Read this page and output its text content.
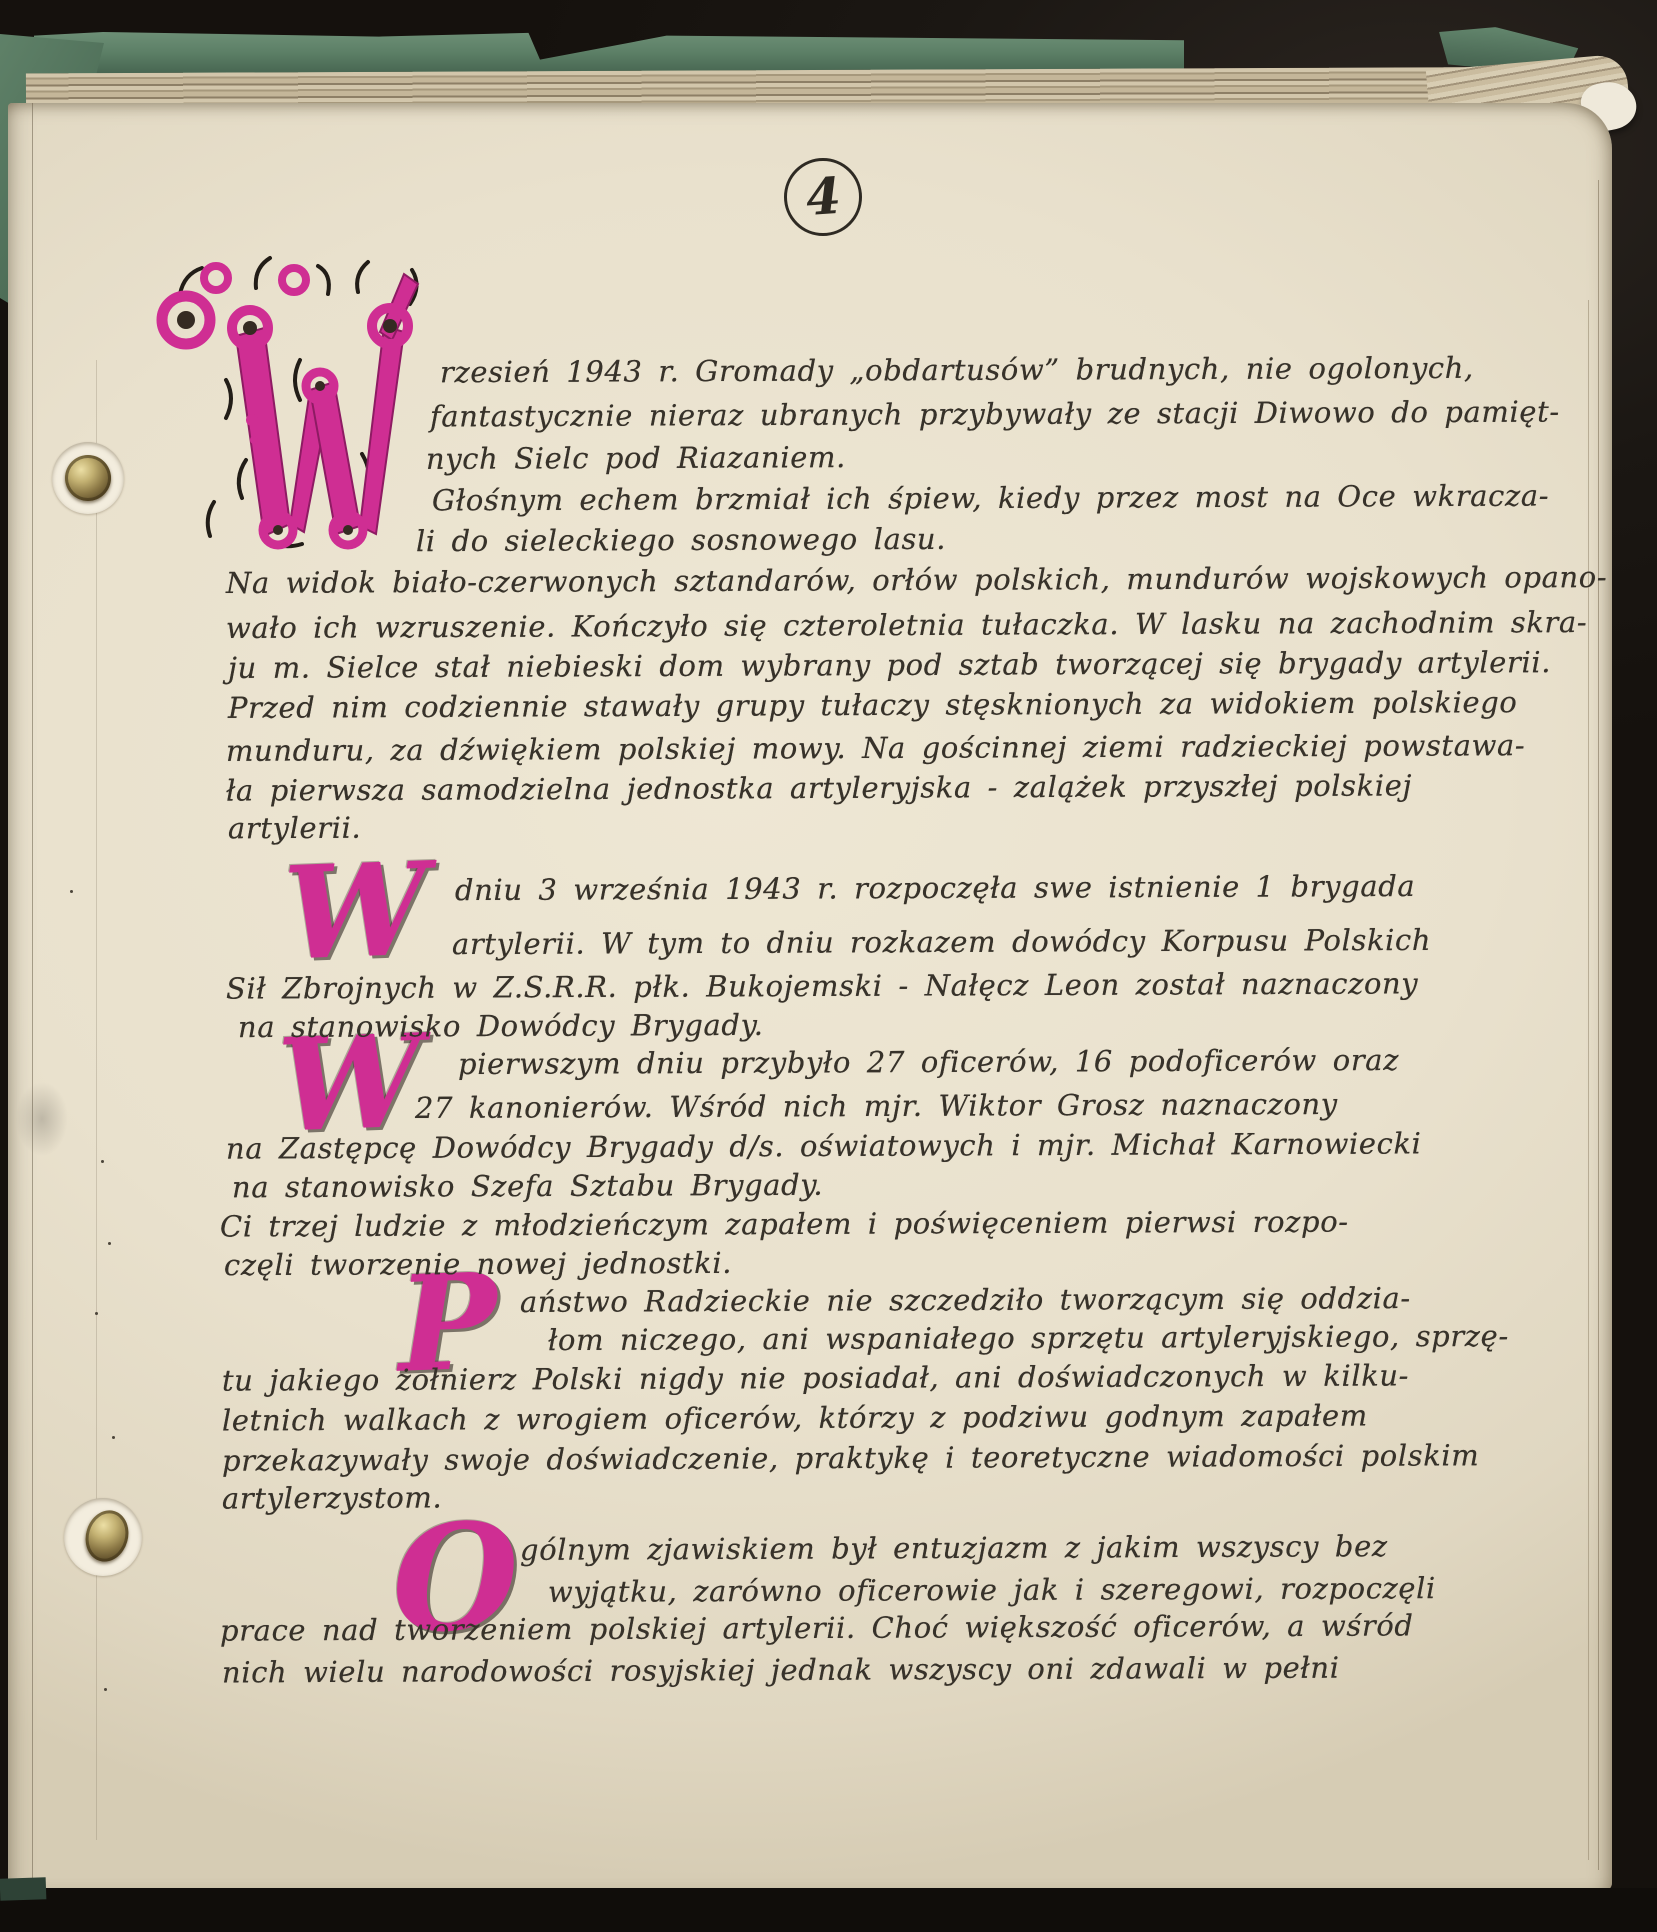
4
W
W
P
O
rzesień 1943 r. Gromady „obdartusów” brudnych, nie ogolonych,
fantastycznie nieraz ubranych przybywały ze stacji Diwowo do pamięt-
nych Sielc pod Riazaniem.
Głośnym echem brzmiał ich śpiew, kiedy przez most na Oce wkracza-
li do sieleckiego sosnowego lasu.
Na widok biało-czerwonych sztandarów, orłów polskich, mundurów wojskowych opano-
wało ich wzruszenie. Kończyło się czteroletnia tułaczka. W lasku na zachodnim skra-
ju m. Sielce stał niebieski dom wybrany pod sztab tworzącej się brygady artylerii.
Przed nim codziennie stawały grupy tułaczy stęsknionych za widokiem polskiego
munduru, za dźwiękiem polskiej mowy. Na gościnnej ziemi radzieckiej powstawa-
ła pierwsza samodzielna jednostka artyleryjska - zalążek przyszłej polskiej
artylerii.
dniu 3 września 1943 r. rozpoczęła swe istnienie 1 brygada
artylerii. W tym to dniu rozkazem dowódcy Korpusu Polskich
Sił Zbrojnych w Z.S.R.R. płk. Bukojemski - Nałęcz Leon został naznaczony
na stanowisko Dowódcy Brygady.
pierwszym dniu przybyło 27 oficerów, 16 podoficerów oraz
27 kanonierów. Wśród nich mjr. Wiktor Grosz naznaczony
na Zastępcę Dowódcy Brygady d/s. oświatowych i mjr. Michał Karnowiecki
na stanowisko Szefa Sztabu Brygady.
Ci trzej ludzie z młodzieńczym zapałem i poświęceniem pierwsi rozpo-
częli tworzenie nowej jednostki.
aństwo Radzieckie nie szczedziło tworzącym się oddzia-
łom niczego, ani wspaniałego sprzętu artyleryjskiego, sprzę-
tu jakiego żołnierz Polski nigdy nie posiadał, ani doświadczonych w kilku-
letnich walkach z wrogiem oficerów, którzy z podziwu godnym zapałem
przekazywały swoje doświadczenie, praktykę i teoretyczne wiadomości polskim
artylerzystom.
gólnym zjawiskiem był entuzjazm z jakim wszyscy bez
wyjątku, zarówno oficerowie jak i szeregowi, rozpoczęli
prace nad tworzeniem polskiej artylerii. Choć większość oficerów, a wśród
nich wielu narodowości rosyjskiej jednak wszyscy oni zdawali w pełni
